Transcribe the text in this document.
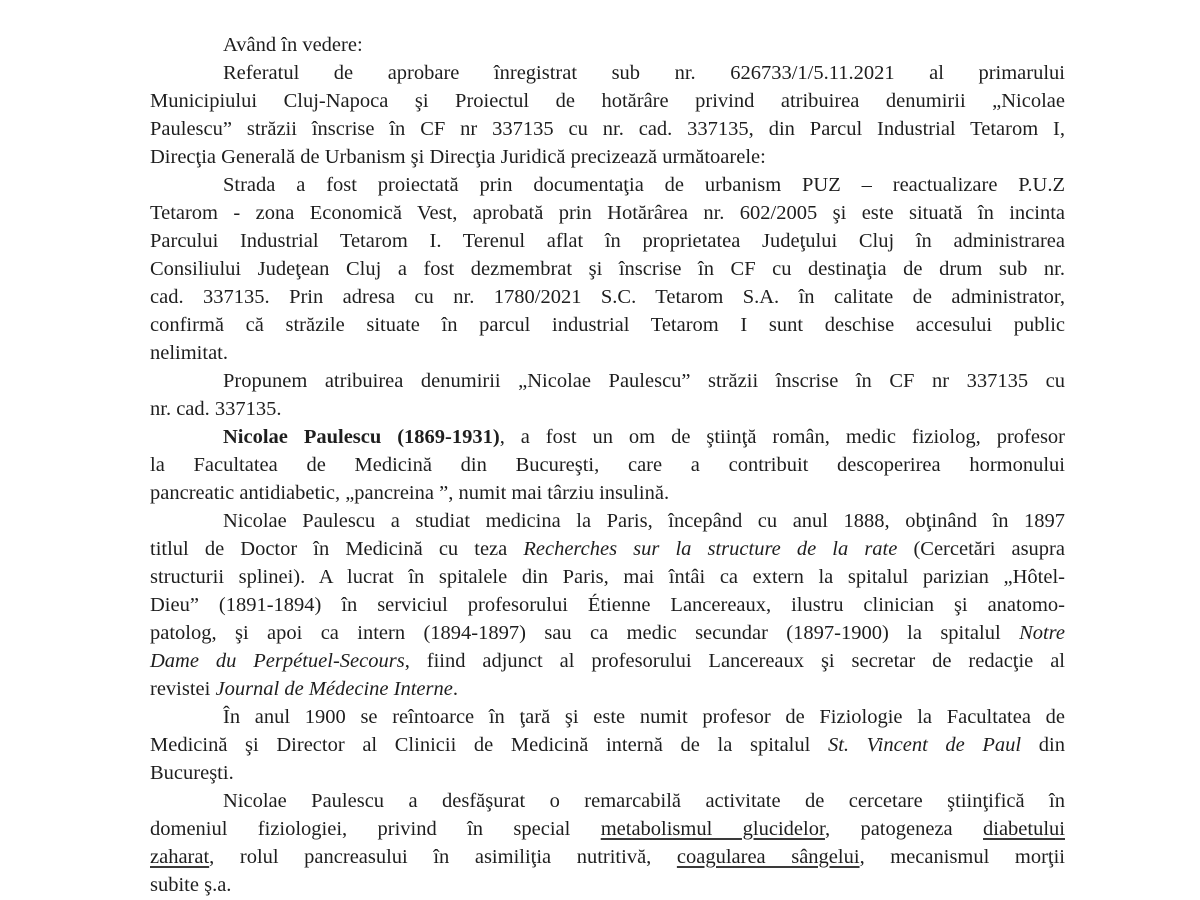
Având în vedere:
Referatul de aprobare înregistrat sub nr. 626733/1/5.11.2021 al primarului
Municipiului Cluj-Napoca şi Proiectul de hotărâre privind atribuirea denumirii „Nicolae
Paulescu” străzii înscrise în CF nr 337135 cu nr. cad. 337135, din Parcul Industrial Tetarom I,
Direcţia Generală de Urbanism şi Direcţia Juridică precizează următoarele:
Strada a fost proiectată prin documentaţia de urbanism PUZ – reactualizare P.U.Z
Tetarom - zona Economică Vest, aprobată prin Hotărârea nr. 602/2005 şi este situată în incinta
Parcului Industrial Tetarom I. Terenul aflat în proprietatea Judeţului Cluj în administrarea
Consiliului Judeţean Cluj a fost dezmembrat şi înscrise în CF cu destinaţia de drum sub nr.
cad. 337135. Prin adresa cu nr. 1780/2021 S.C. Tetarom S.A. în calitate de administrator,
confirmă că străzile situate în parcul industrial Tetarom I sunt deschise accesului public
nelimitat.
Propunem atribuirea denumirii „Nicolae Paulescu” străzii înscrise în CF nr 337135 cu
nr. cad. 337135.
Nicolae Paulescu (1869-1931), a fost un om de ştiinţă român, medic fiziolog, profesor
la Facultatea de Medicină din Bucureşti, care a contribuit descoperirea hormonului
pancreatic antidiabetic, „pancreina ”, numit mai târziu insulină.
Nicolae Paulescu a studiat medicina la Paris, începând cu anul 1888, obţinând în 1897
titlul de Doctor în Medicină cu teza Recherches sur la structure de la rate (Cercetări asupra
structurii splinei). A lucrat în spitalele din Paris, mai întâi ca extern la spitalul parizian „Hôtel-
Dieu” (1891-1894) în serviciul profesorului Étienne Lancereaux, ilustru clinician şi anatomo-
patolog, şi apoi ca intern (1894-1897) sau ca medic secundar (1897-1900) la spitalul Notre
Dame du Perpétuel-Secours, fiind adjunct al profesorului Lancereaux şi secretar de redacţie al
revistei Journal de Médecine Interne.
În anul 1900 se reîntoarce în ţară şi este numit profesor de Fiziologie la Facultatea de
Medicină şi Director al Clinicii de Medicină internă de la spitalul St. Vincent de Paul din
Bucureşti.
Nicolae Paulescu a desfăşurat o remarcabilă activitate de cercetare ştiinţifică în
domeniul fiziologiei, privind în special metabolismul glucidelor, patogeneza diabetului
zaharat, rolul pancreasului în asimiliţia nutritivă, coagularea sângelui, mecanismul morţii
subite ş.a.
